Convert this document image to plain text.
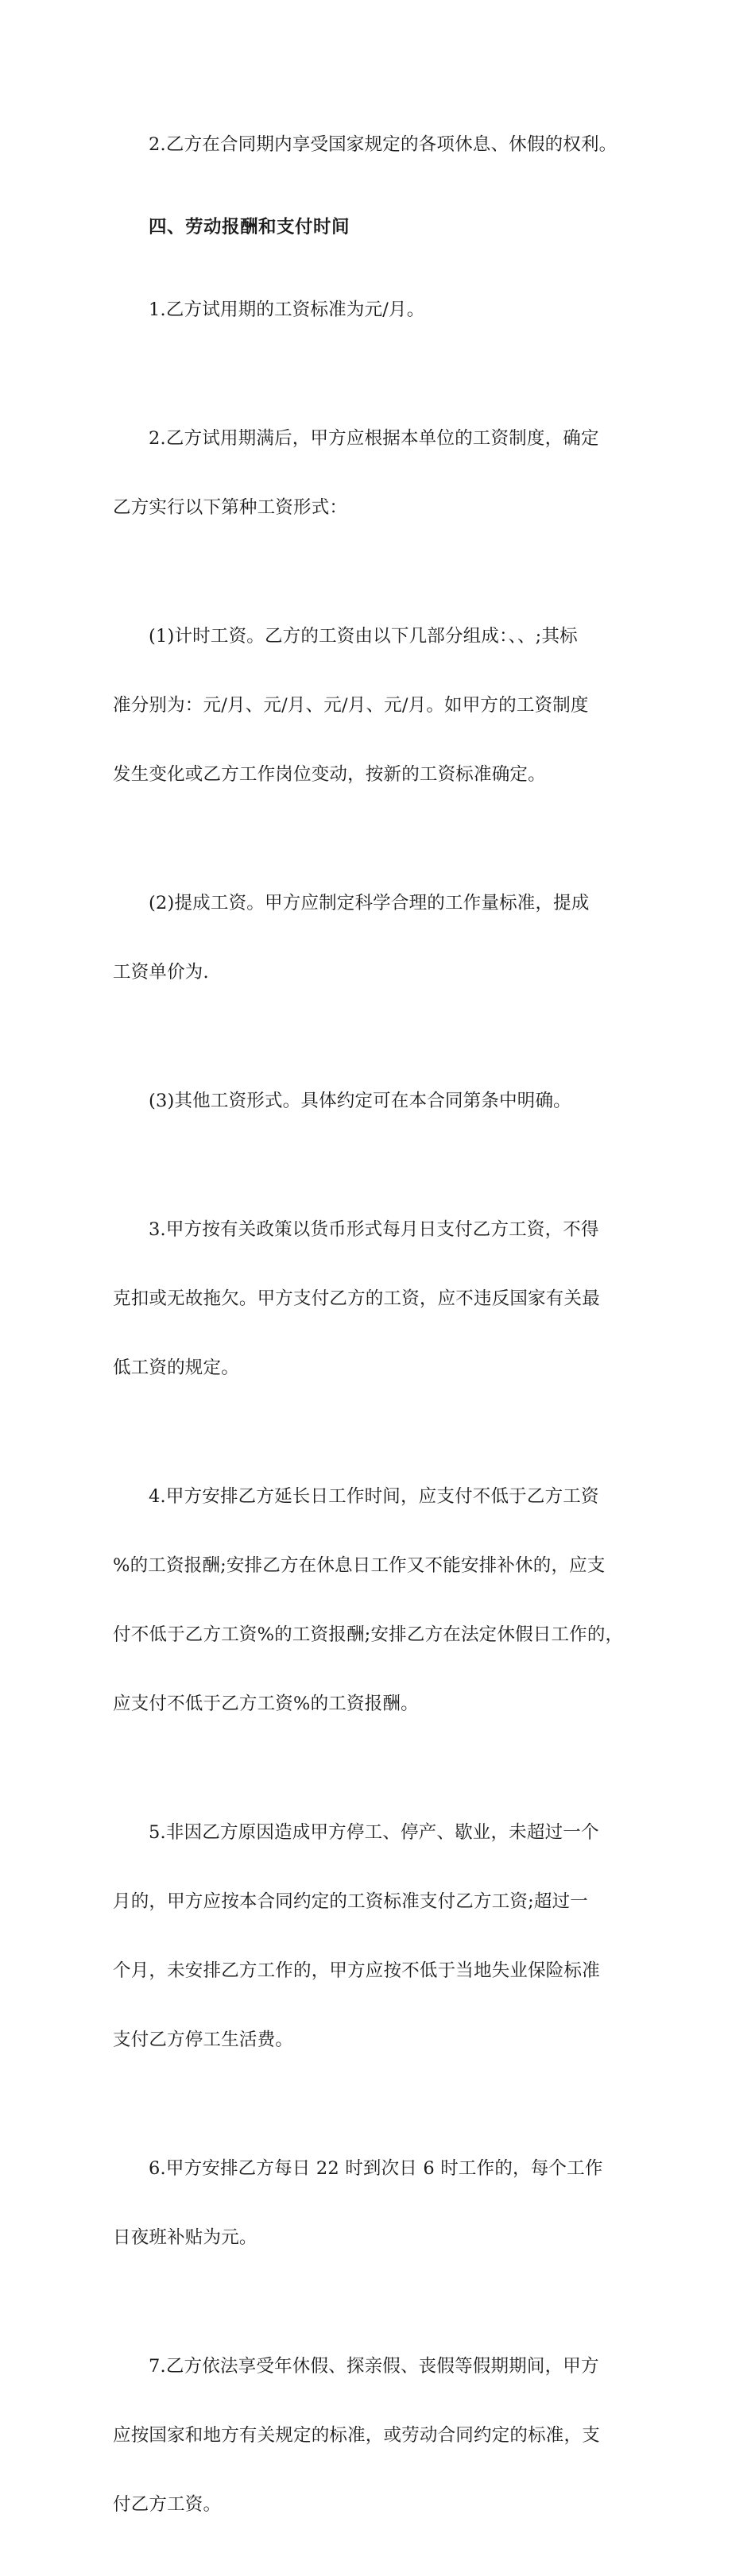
2.乙方在合同期内享受国家规定的各项休息、休假的权利。

四、劳动报酬和支付时间

1.乙方试用期的工资标准为元/月。

2.乙方试用期满后，甲方应根据本单位的工资制度，确定

乙方实行以下第种工资形式：

(1)计时工资。乙方的工资由以下几部分组成：、、;其标

准分别为：元/月、元/月、元/月、元/月。如甲方的工资制度

发生变化或乙方工作岗位变动，按新的工资标准确定。

(2)提成工资。甲方应制定科学合理的工作量标准，提成

工资单价为.

(3)其他工资形式。具体约定可在本合同第条中明确。

3.甲方按有关政策以货币形式每月日支付乙方工资，不得

克扣或无故拖欠。甲方支付乙方的工资，应不违反国家有关最

低工资的规定。

4.甲方安排乙方延长日工作时间，应支付不低于乙方工资

%的工资报酬;安排乙方在休息日工作又不能安排补休的，应支

付不低于乙方工资%的工资报酬;安排乙方在法定休假日工作的，

应支付不低于乙方工资%的工资报酬。

5.非因乙方原因造成甲方停工、停产、歇业，未超过一个

月的，甲方应按本合同约定的工资标准支付乙方工资;超过一

个月，未安排乙方工作的，甲方应按不低于当地失业保险标准

支付乙方停工生活费。

6.甲方安排乙方每日 22 时到次日 6 时工作的，每个工作

日夜班补贴为元。

7.乙方依法享受年休假、探亲假、丧假等假期期间，甲方

应按国家和地方有关规定的标准，或劳动合同约定的标准，支

付乙方工资。
